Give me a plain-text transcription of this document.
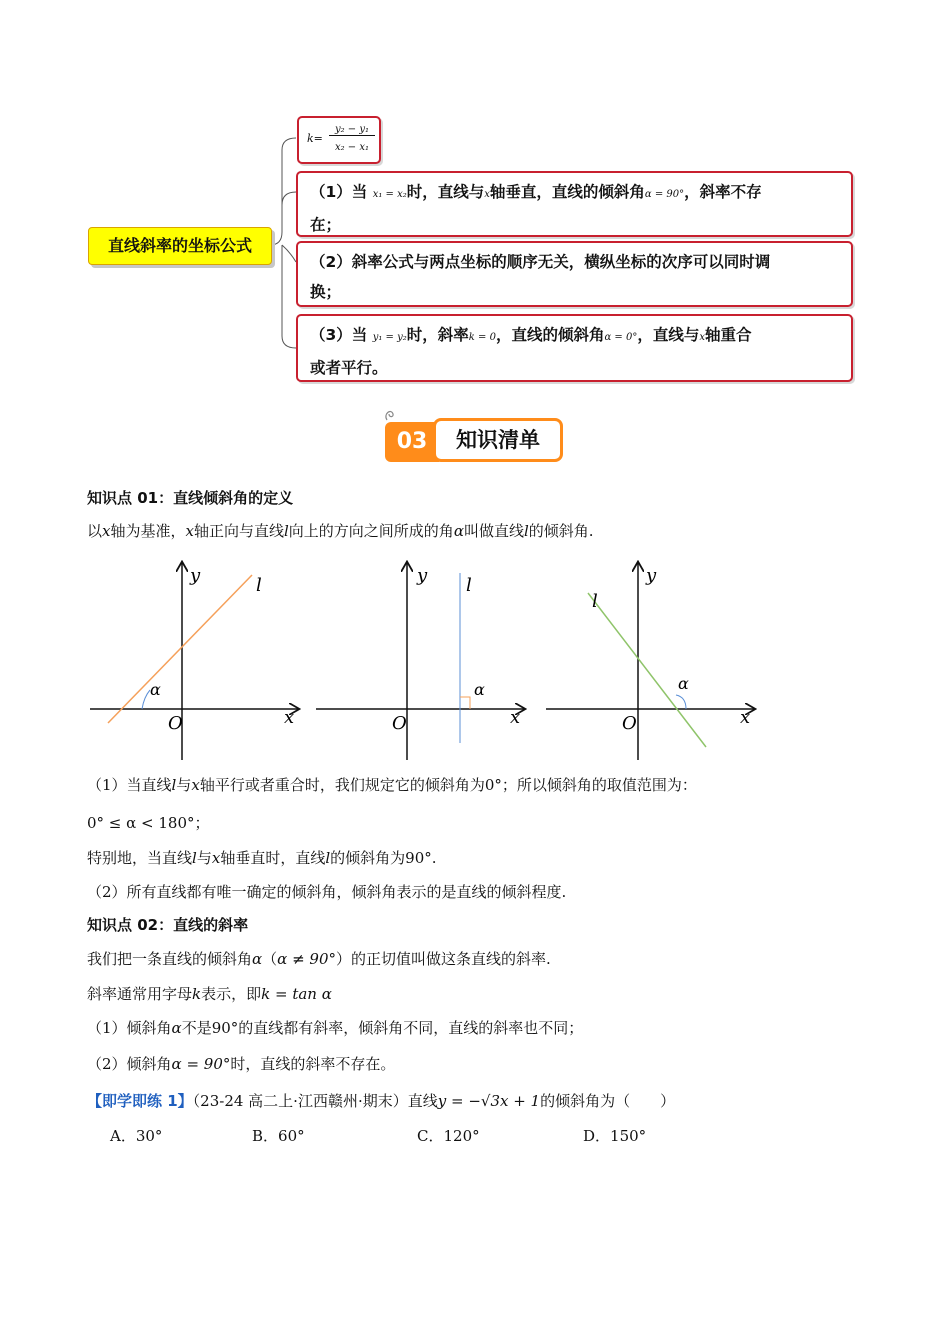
直线斜率的坐标公式
k=
y₂ − y₁
x₂ − x₁
（1）当 x₁ = x₂时，直线与x轴垂直，直线的倾斜角α = 90°，斜率不存
在；
（2）斜率公式与两点坐标的顺序无关，横纵坐标的次序可以同时调
换；
（3）当 y₁ = y₂时，斜率k = 0，直线的倾斜角α = 0°，直线与x轴重合
或者平行。
03	知识清单
知识点 01：直线倾斜角的定义
以x轴为基准，x轴正向与直线l向上的方向之间所成的角α叫做直线l的倾斜角.
y	l
α
O	x
y l
α
O	x
y
l
α
O	x
（1）当直线l与x轴平行或者重合时，我们规定它的倾斜角为0°；所以倾斜角的取值范围为：
0° ≤ α < 180°；
特别地，当直线l与x轴垂直时，直线l的倾斜角为90°.
（2）所有直线都有唯一确定的倾斜角，倾斜角表示的是直线的倾斜程度.
知识点 02：直线的斜率
我们把一条直线的倾斜角α（α ≠ 90°）的正切值叫做这条直线的斜率.
斜率通常用字母k表示，即k = tan α
（1）倾斜角α不是90°的直线都有斜率，倾斜角不同，直线的斜率也不同；
（2）倾斜角α = 90°时，直线的斜率不存在。
【即学即练 1】（23-24 高二上·江西赣州·期末）直线y = −√3x + 1的倾斜角为（　　）
A．30°	B．60°	C．120°	D．150°
